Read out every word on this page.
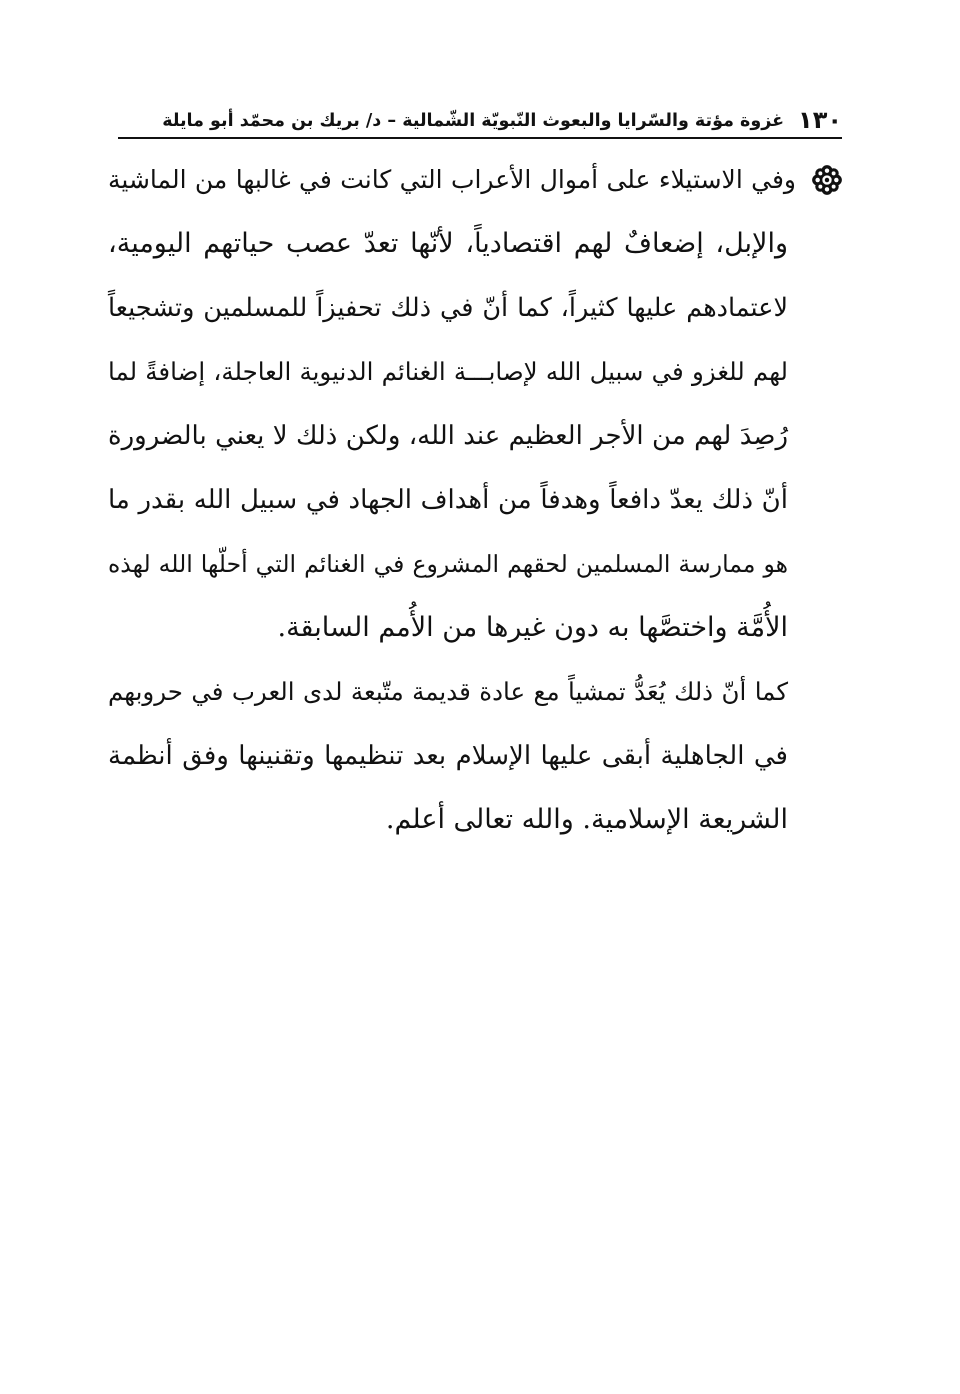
١٣٠
غزوة مؤتة والسّرايا والبعوث النّبويّة الشّمالية – د/ بريك بن محمّد أبو مايلة
وفي الاستيلاء على أموال الأعراب التي كانت في غالبها من الماشية
والإبل، إضعافٌ لهم اقتصادياً، لأنّها تعدّ عصب حياتهم اليومية،
لاعتمادهم عليها كثيراً، كما أنّ في ذلك تحفيزاً للمسلمين وتشجيعاً
لهم للغزو في سبيل الله لإصابـــة الغنائم الدنيوية العاجلة، إضافةً لما
رُصِدَ لهم من الأجر العظيم عند الله، ولكن ذلك لا يعني بالضرورة
أنّ ذلك يعدّ دافعاً وهدفاً من أهداف الجهاد في سبيل الله بقدر ما
هو ممارسة المسلمين لحقهم المشروع في الغنائم التي أحلّها الله لهذه
الأُمَّة واختصَّها به دون غيرها من الأُمم السابقة.
كما أنّ ذلك يُعَدُّ تمشياً مع عادة قديمة متّبعة لدى العرب في حروبهم
في الجاهلية أبقى عليها الإسلام بعد تنظيمها وتقنينها وفق أنظمة
الشريعة الإسلامية. والله تعالى أعلم.
